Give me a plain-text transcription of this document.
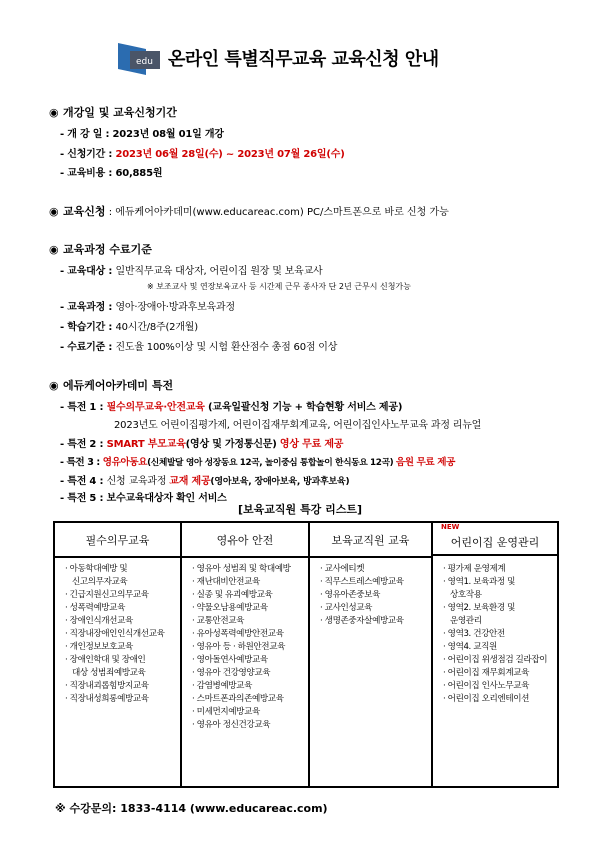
edu 온라인 특별직무교육 교육신청 안내
◉ 개강일 및 교육신청기간
- 개 강 일 : 2023년 08월 01일 개강
- 신청기간 : 2023년 06월 28일(수) ~ 2023년 07월 26일(수)
- 교육비용 : 60,885원
◉ 교육신청 : 에듀케어아카데미(www.educareac.com) PC/스마트폰으로 바로 신청 가능
◉ 교육과정 수료기준
- 교육대상 : 일반직무교육 대상자, 어린이집 원장 및 보육교사
※ 보조교사 및 연장보육교사 등 시간제 근무 종사자 단 2년 근무시 신청가능
- 교육과정 : 영아·장애아·방과후보육과정
- 학습기간 : 40시간/8주(2개월)
- 수료기준 : 진도율 100%이상 및 시험 환산점수 총점 60점 이상
◉ 에듀케어아카데미 특전
- 특전 1 : 필수의무교육·안전교육 (교육일괄신청 기능 + 학습현황 서비스 제공)
2023년도 어린이집평가제, 어린이집재무회계교육, 어린이집인사노무교육 과정 리뉴얼
- 특전 2 : SMART 부모교육(영상 및 가정통신문) 영상 무료 제공
- 특전 3 : 영유아동요(신체발달 영아 성장동요 12곡, 놀이중심 통합놀이 한식동요 12곡) 음원 무료 제공
- 특전 4 : 신청 교육과정 교재 제공(영아보육, 장애아보육, 방과후보육)
- 특전 5 : 보수교육대상자 확인 서비스
[보육교직원 특강 리스트]
필수의무교육
· 아동학대예방 및
신고의무자교육
· 긴급지원신고의무교육
· 성폭력예방교육
· 장애인식개선교육
· 직장내장애인인식개선교육
· 개인정보보호교육
· 장애인학대 및 장애인
대상 성범죄예방교육
· 직장내괴롭힘방지교육
· 직장내성희롱예방교육
영유아 안전
· 영유아 성범죄 및 학대예방
· 재난대비안전교육
· 실종 및 유괴예방교육
· 약물오남용예방교육
· 교통안전교육
· 유아성폭력예방안전교육
· 영유아 등 · 하원안전교육
· 영아돌연사예방교육
· 영유아 건강영양교육
· 감염병예방교육
· 스마트폰과의존예방교육
· 미세먼지예방교육
· 영유아 정신건강교육
보육교직원 교육
· 교사에티켓
· 직무스트레스예방교육
· 영유아존중보육
· 교사인성교육
· 생명존중자살예방교육
NEW
어린이집 운영관리
· 평가제 운영제계
· 영역1. 보육과정 및
상호작용
· 영역2. 보육환경 및
운영관리
· 영역3. 건강안전
· 영역4. 교직원
· 어린이집 위생점검 길라잡이
· 어린이집 재무회계교육
· 어린이집 인사노무교육
· 어린이집 오리엔테이션
※ 수강문의: 1833-4114 (www.educareac.com)
